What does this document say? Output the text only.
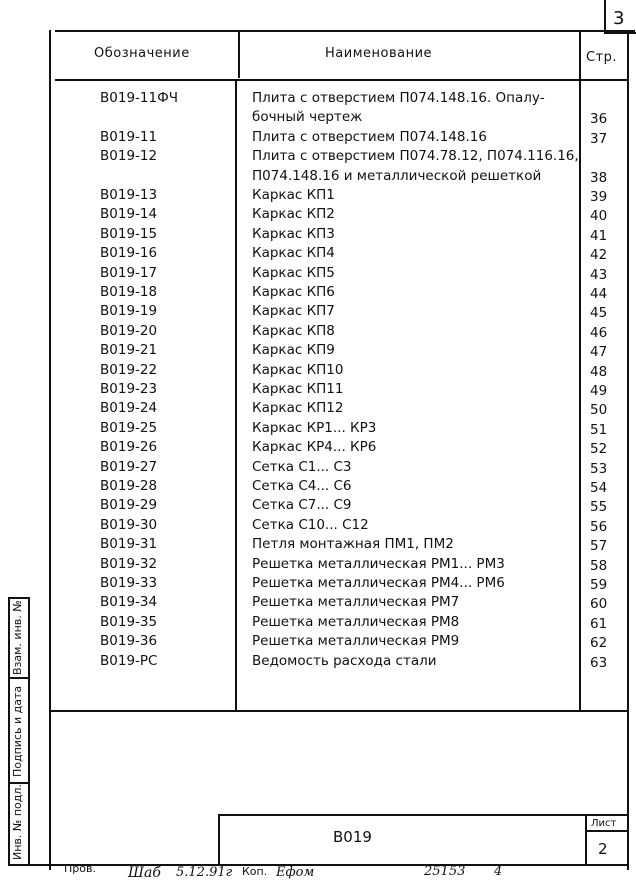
3
Обозначение	Наименование	Стр.
В019-11ФЧ	Плита с отверстием П074.148.16. Опалу-
бочный чертеж	36
В019-11	Плита с отверстием П074.148.16	37
В019-12	Плита с отверстием П074.78.12, П074.116.16,
П074.148.16 и металлической решеткой	38
В019-13	Каркас КП1	39
В019-14	Каркас КП2	40
В019-15	Каркас КП3	41
В019-16	Каркас КП4	42
В019-17	Каркас КП5	43
В019-18	Каркас КП6	44
В019-19	Каркас КП7	45
В019-20	Каркас КП8	46
В019-21	Каркас КП9	47
В019-22	Каркас КП10	48
В019-23	Каркас КП11	49
В019-24	Каркас КП12	50
В019-25	Каркас КР1... КР3	51
В019-26	Каркас КР4... КР6	52
В019-27	Сетка С1... С3	53
В019-28	Сетка С4... С6	54
В019-29	Сетка С7... С9	55
В019-30	Сетка С10... С12	56
В019-31	Петля монтажная ПМ1, ПМ2	57
В019-32	Решетка металлическая РМ1... РМ3	58
В019-33	Решетка металлическая РМ4... РМ6	59
В019-34	Решетка металлическая РМ7	60
В019-35	Решетка металлическая РМ8	61
В019-36	Решетка металлическая РМ9	62
В019-РС	Ведомость расхода стали	63
Взам. инв. №
Подпись и дата
Инв. № подл.	В019
Лист
2
Пров. Шаб 5.12.91г Коп. Ефом	25153 4
